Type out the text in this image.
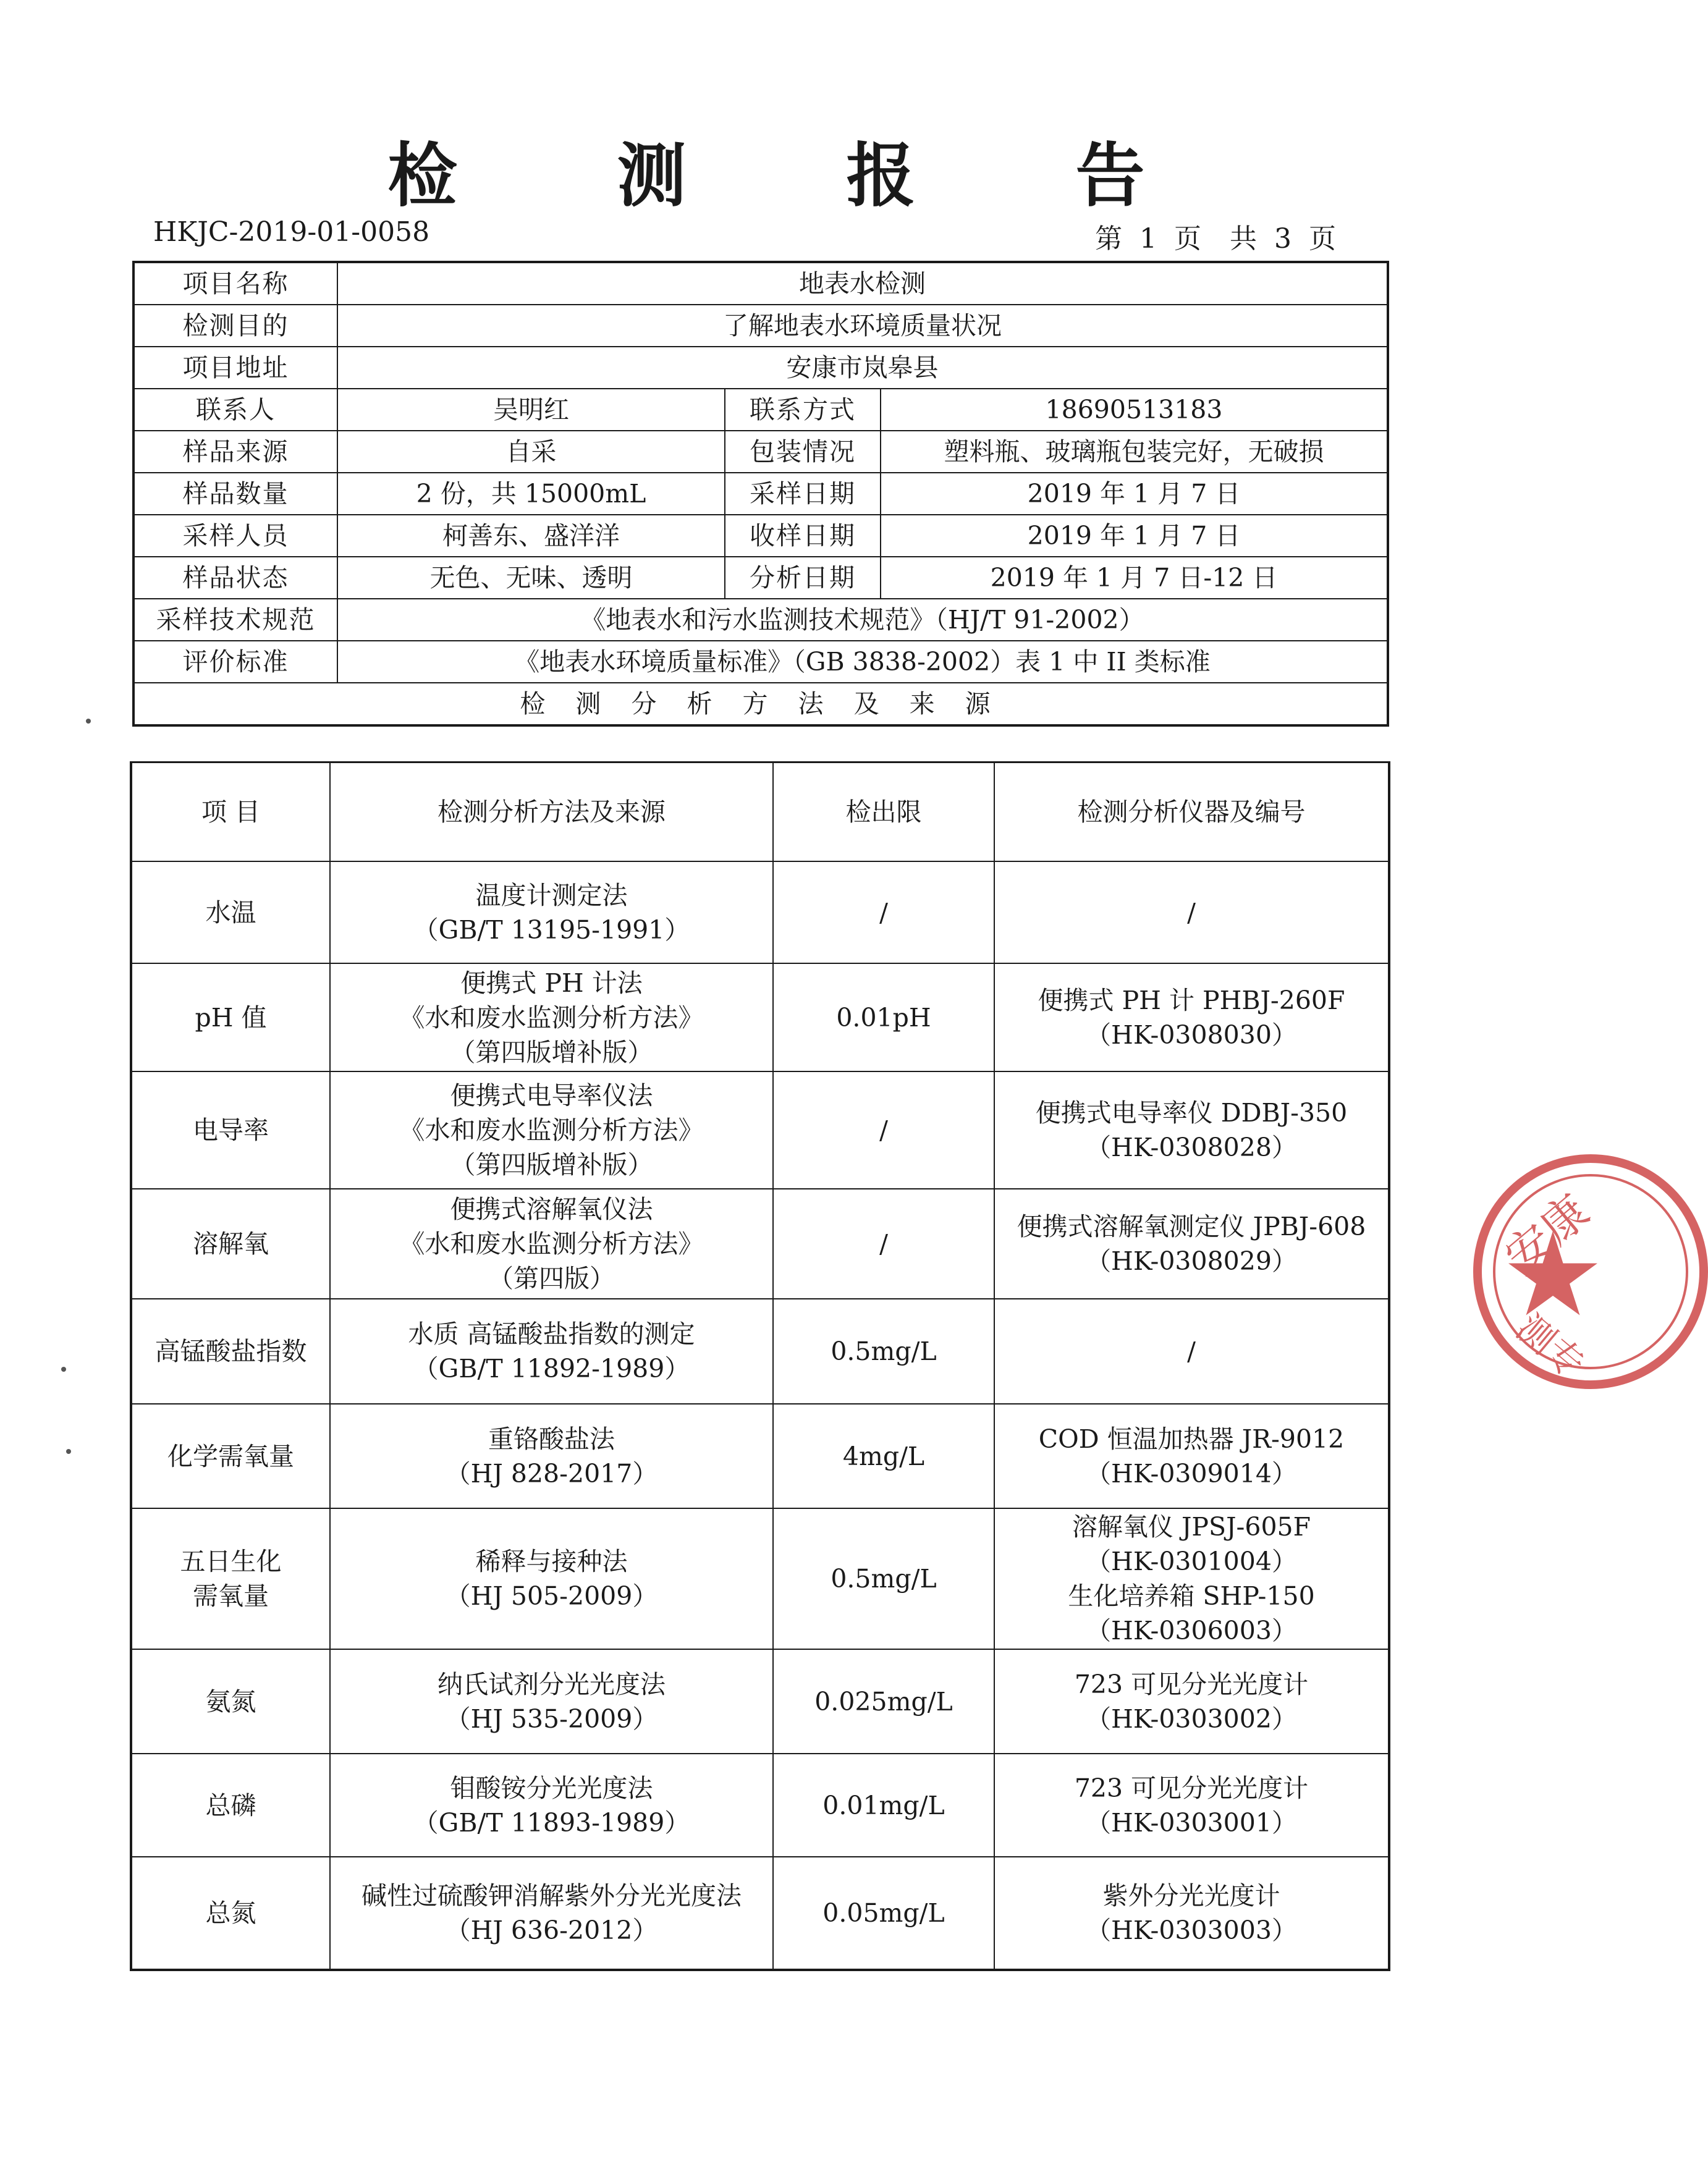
检 测 报 告
HKJC-2019-01-0058	第 1 页 共 3 页
项目名称	地表水检测		
检测目的	了解地表水环境质量状况		
项目地址	安康市岚皋县		
联系人	吴明红	联系方式	18690513183
样品来源	自采	包装情况	塑料瓶、玻璃瓶包装完好，无破损
样品数量	2 份，共 15000mL	采样日期	2019 年 1 月 7 日
采样人员	柯善东、盛洋洋	收样日期	2019 年 1 月 7 日
样品状态	无色、无味、透明	分析日期	2019 年 1 月 7 日-12 日
采样技术规范	《地表水和污水监测技术规范》（HJ/T 91-2002）		
评价标准	《地表水环境质量标准》（GB 3838-2002）表 1 中 II 类标准		
检 测 分 析 方 法 及 来 源			
项 目	检测分析方法及来源	检出限	检测分析仪器及编号

水温	温度计测定法
（GB/T 13195-1991）	/	/

pH 值	便携式 PH 计法
《水和废水监测分析方法》
（第四版增补版）	0.01pH	便携式 PH 计 PHBJ-260F
（HK-0308030）

电导率	便携式电导率仪法
《水和废水监测分析方法》
（第四版增补版）	/	便携式电导率仪 DDBJ-350
（HK-0308028）

溶解氧	便携式溶解氧仪法
《水和废水监测分析方法》
（第四版）	/	便携式溶解氧测定仪 JPBJ-608
（HK-0308029）

高锰酸盐指数	水质 高锰酸盐指数的测定
（GB/T 11892-1989）	0.5mg/L	/

化学需氧量	重铬酸盐法
（HJ 828-2017）	4mg/L	COD 恒温加热器 JR-9012
（HK-0309014）

五日生化
需氧量	稀释与接种法
（HJ 505-2009）	0.5mg/L	溶解氧仪 JPSJ-605F
（HK-0301004）
生化培养箱 SHP-150
（HK-0306003）

氨氮	纳氏试剂分光光度法
（HJ 535-2009）	0.025mg/L	723 可见分光光度计
（HK-0303002）

总磷	钼酸铵分光光度法
（GB/T 11893-1989）	0.01mg/L	723 可见分光光度计
（HK-0303001）

总氮	碱性过硫酸钾消解紫外分光光度法
（HJ 636-2012）	0.05mg/L	紫外分光光度计
（HK-0303003）
安康
测专
